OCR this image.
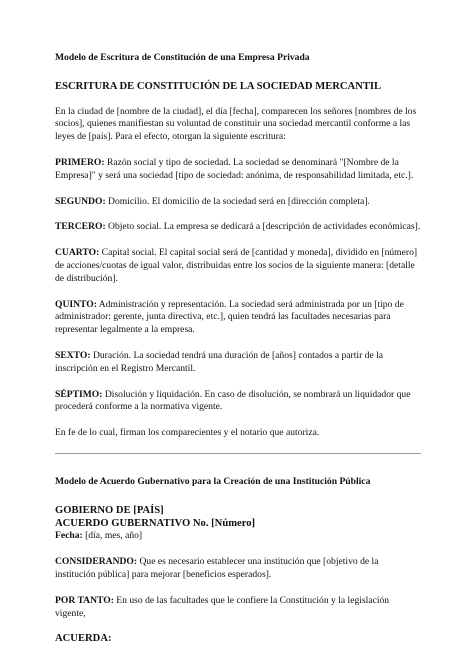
Modelo de Escritura de Constitución de una Empresa Privada
ESCRITURA DE CONSTITUCIÓN DE LA SOCIEDAD MERCANTIL

En la ciudad de [nombre de la ciudad], el día [fecha], comparecen los señores [nombres de los socios], quienes manifiestan su voluntad de constituir una sociedad mercantil conforme a las leyes de [país]. Para el efecto, otorgan la siguiente escritura:

PRIMERO: Razón social y tipo de sociedad. La sociedad se denominará "[Nombre de la Empresa]" y será una sociedad [tipo de sociedad: anónima, de responsabilidad limitada, etc.].

SEGUNDO: Domicilio. El domicilio de la sociedad será en [dirección completa].

TERCERO: Objeto social. La empresa se dedicará a [descripción de actividades económicas].

CUARTO: Capital social. El capital social será de [cantidad y moneda], dividido en [número] de acciones/cuotas de igual valor, distribuidas entre los socios de la siguiente manera: [detalle de distribución].

QUINTO: Administración y representación. La sociedad será administrada por un [tipo de administrador: gerente, junta directiva, etc.], quien tendrá las facultades necesarias para representar legalmente a la empresa.

SEXTO: Duración. La sociedad tendrá una duración de [años] contados a partir de la inscripción en el Registro Mercantil.

SÉPTIMO: Disolución y liquidación. En caso de disolución, se nombrará un liquidador que procederá conforme a la normativa vigente.

En fe de lo cual, firman los comparecientes y el notario que autoriza.

Modelo de Acuerdo Gubernativo para la Creación de una Institución Pública
GOBIERNO DE [PAÍS]
ACUERDO GUBERNATIVO No. [Número]
Fecha: [día, mes, año]

CONSIDERANDO: Que es necesario establecer una institución que [objetivo de la institución pública] para mejorar [beneficios esperados].

POR TANTO: En uso de las facultades que le confiere la Constitución y la legislación vigente,

ACUERDA:
